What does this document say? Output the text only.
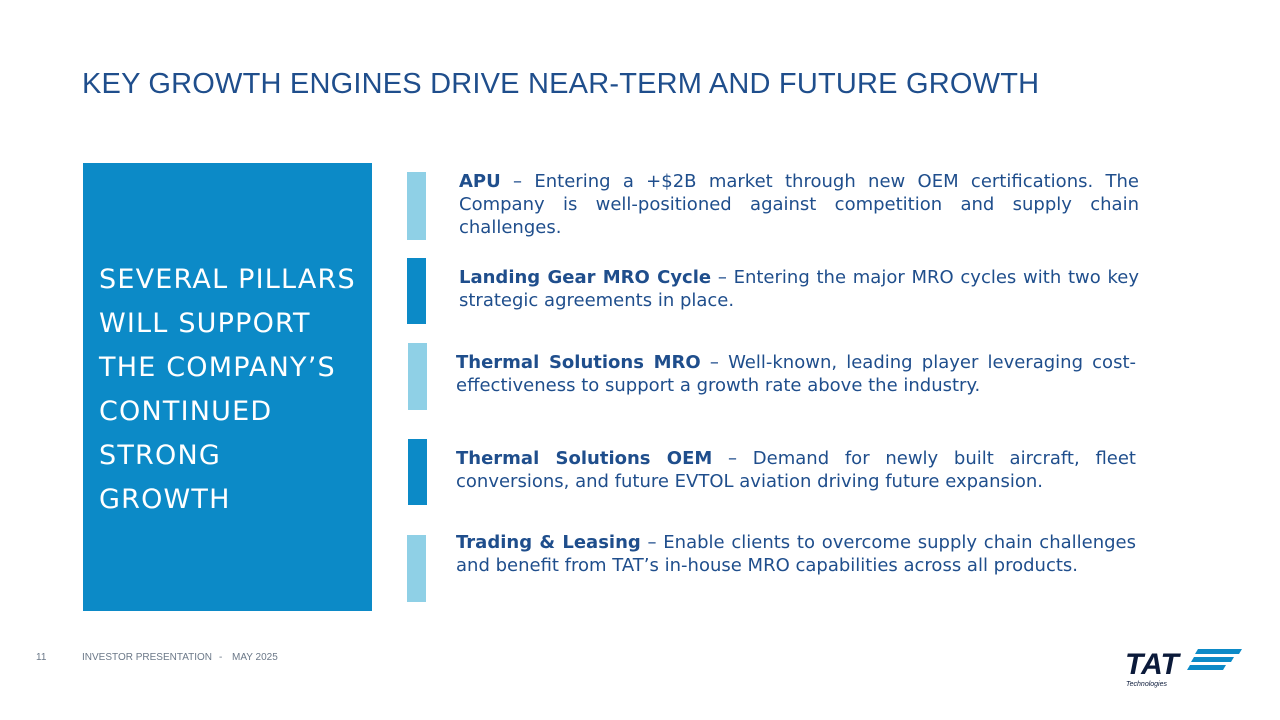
KEY GROWTH ENGINES DRIVE NEAR-TERM AND FUTURE GROWTH
SEVERAL PILLARS
WILL SUPPORT
THE COMPANY’S
CONTINUED
STRONG
GROWTH
APU – Entering a +$2B market through new OEM certifications. The Company is well-positioned against competition and supply chain challenges.
Landing Gear MRO Cycle – Entering the major MRO cycles with two key strategic agreements in place.
Thermal Solutions MRO – Well-known, leading player leveraging cost-effectiveness to support a growth rate above the industry.
Thermal Solutions OEM – Demand for newly built aircraft, fleet conversions, and future EVTOL aviation driving future expansion.
Trading & Leasing – Enable clients to overcome supply chain challenges and benefit from TAT’s in-house MRO capabilities across all products.
11	INVESTOR PRESENTATION - MAY 2025	TAT
Technologies
